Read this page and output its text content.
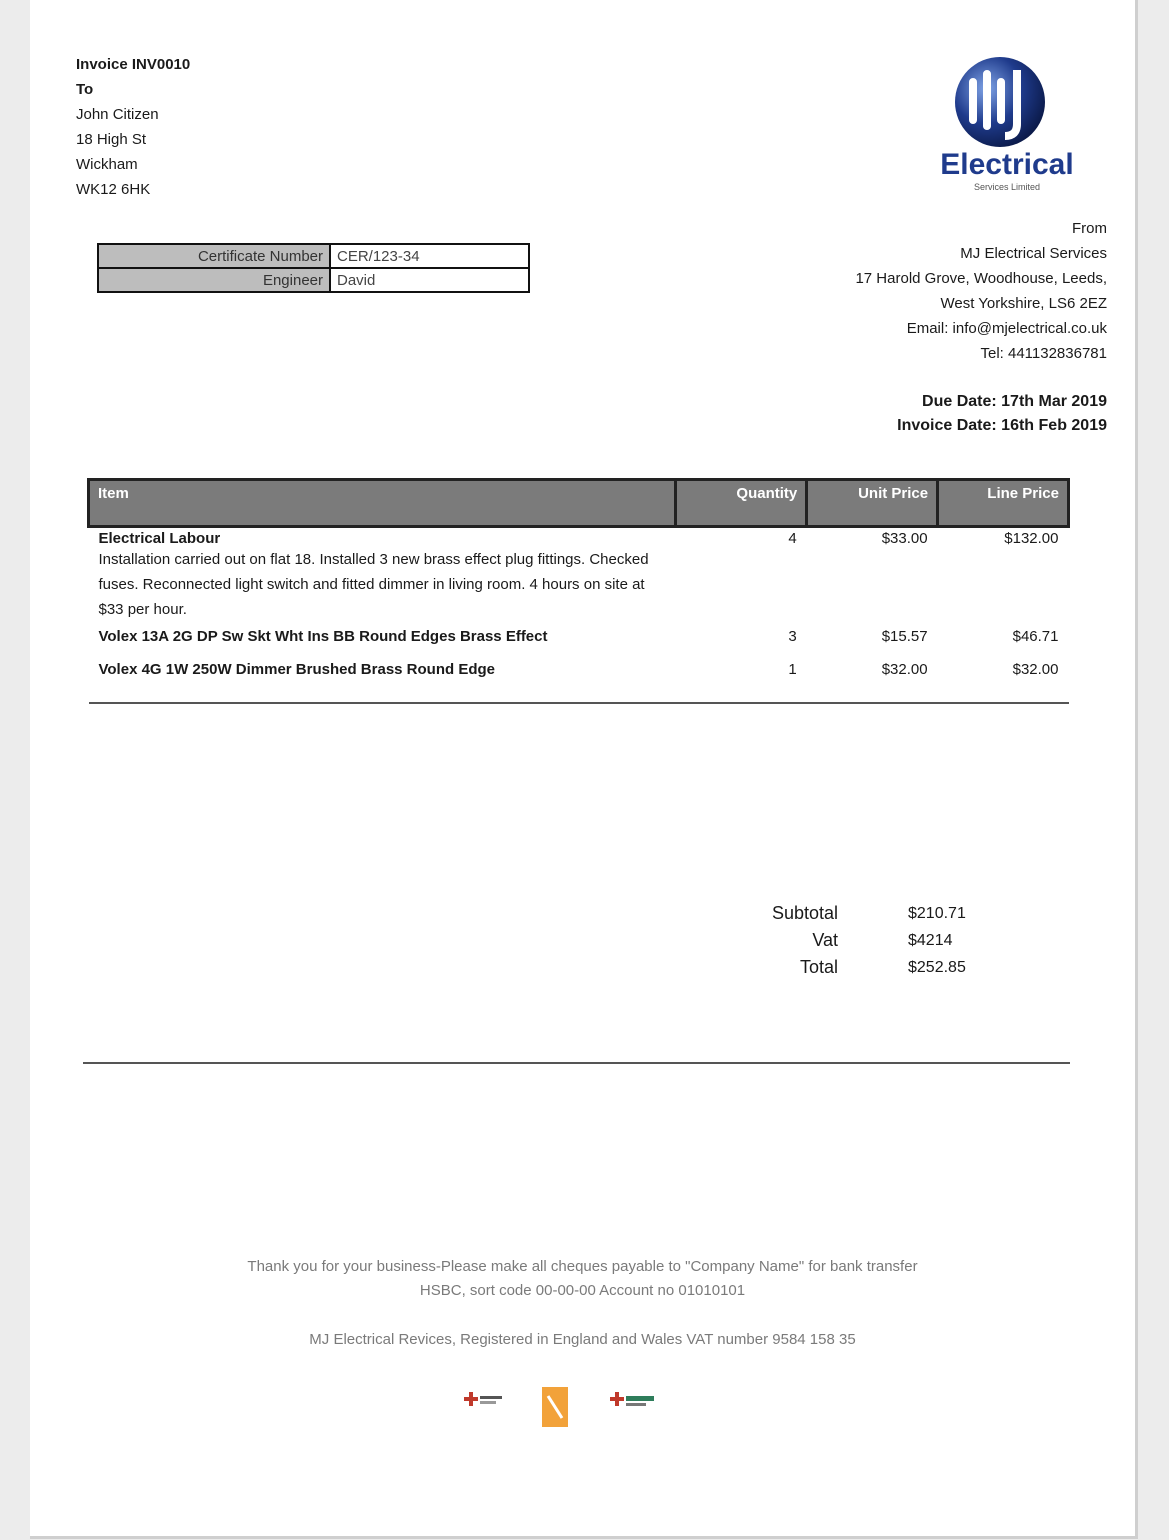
Invoice INV0010
To
John Citizen
18 High St
Wickham
WK12 6HK
Electrical
Services Limited
From
MJ Electrical Services
17 Harold Grove, Woodhouse, Leeds,
West Yorkshire, LS6 2EZ
Email: info@mjelectrical.co.uk
Tel: 441132836781
Certificate Number	CER/123-34
Engineer	David
Due Date: 17th Mar 2019
Invoice Date: 16th Feb 2019
Item	Quantity	Unit Price	Line Price

Electrical Labour
Installation carried out on flat 18. Installed 3 new brass effect plug fittings. Checked fuses. Reconnected light switch and fitted dimmer in living room. 4 hours on site at $33 per hour.	4	$33.00	$132.00

Volex 13A 2G DP Sw Skt Wht Ins BB Round Edges Brass Effect	3	$15.57	$46.71

Volex 4G 1W 250W Dimmer Brushed Brass Round Edge	1	$32.00	$32.00

Subtotal	$210.71
Vat	$4214
Total	$252.85
Thank you for your business-Please make all cheques payable to "Company Name" for bank transfer
HSBC, sort code 00-00-00 Account no 01010101
MJ Electrical Revices, Registered in England and Wales VAT number 9584 158 35
